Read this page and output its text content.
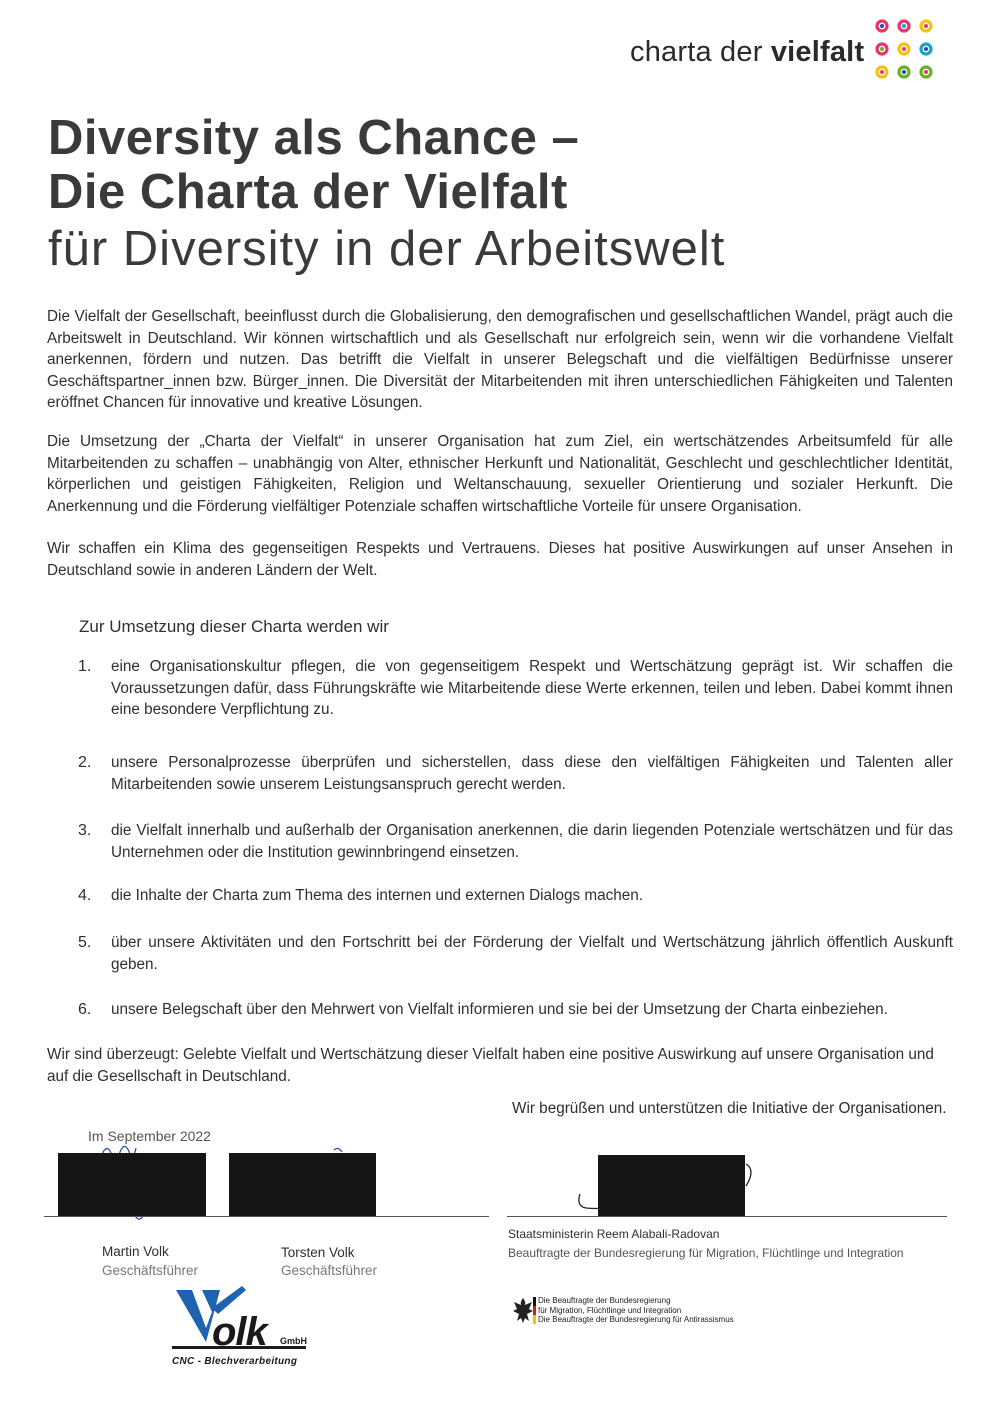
charta der vielfalt
Diversity als Chance –
Die Charta der Vielfalt
für Diversity in der Arbeitswelt
Die Vielfalt der Gesellschaft, beeinflusst durch die Globalisierung, den demografischen und gesellschaftlichen Wandel, prägt auch die Arbeitswelt in Deutschland. Wir können wirtschaftlich und als Gesellschaft nur erfolgreich sein, wenn wir die vorhandene Vielfalt anerkennen, fördern und nutzen. Das betrifft die Vielfalt in unserer Belegschaft und die vielfältigen Bedürfnisse unserer Geschäftspartner_innen bzw. Bürger_innen. Die Diversität der Mitarbeitenden mit ihren unterschiedlichen Fähigkeiten und Talenten eröffnet Chancen für innovative und kreative Lösungen.
Die Umsetzung der „Charta der Vielfalt“ in unserer Organisation hat zum Ziel, ein wertschätzendes Arbeitsumfeld für alle Mitarbeitenden zu schaffen – unabhängig von Alter, ethnischer Herkunft und Nationalität, Geschlecht und geschlechtlicher Identität, körperlichen und geistigen Fähigkeiten, Religion und Weltanschauung, sexueller Orientierung und sozialer Herkunft. Die Anerkennung und die Förderung vielfältiger Potenziale schaffen wirtschaftliche Vorteile für unsere Organisation.
Wir schaffen ein Klima des gegenseitigen Respekts und Vertrauens. Dieses hat positive Auswirkungen auf unser Ansehen in Deutschland sowie in anderen Ländern der Welt.
Zur Umsetzung dieser Charta werden wir
1. eine Organisationskultur pflegen, die von gegenseitigem Respekt und Wertschätzung geprägt ist. Wir schaffen die Voraussetzungen dafür, dass Führungskräfte wie Mitarbeitende diese Werte erkennen, teilen und leben. Dabei kommt ihnen eine besondere Verpflichtung zu.
2. unsere Personalprozesse überprüfen und sicherstellen, dass diese den vielfältigen Fähigkeiten und Talenten aller Mitarbeitenden sowie unserem Leistungsanspruch gerecht werden.
3. die Vielfalt innerhalb und außerhalb der Organisation anerkennen, die darin liegenden Potenziale wertschätzen und für das Unternehmen oder die Institution gewinnbringend einsetzen.
4. die Inhalte der Charta zum Thema des internen und externen Dialogs machen.
5. über unsere Aktivitäten und den Fortschritt bei der Förderung der Vielfalt und Wertschätzung jährlich öffentlich Auskunft geben.
6. unsere Belegschaft über den Mehrwert von Vielfalt informieren und sie bei der Umsetzung der Charta einbeziehen.
Wir sind überzeugt: Gelebte Vielfalt und Wertschätzung dieser Vielfalt haben eine positive Auswirkung auf unsere Organisation und auf die Gesellschaft in Deutschland.
Wir begrüßen und unterstützen die Initiative der Organisationen.
Im September 2022
Martin Volk
Geschäftsführer
Torsten Volk
Geschäftsführer
Staatsministerin Reem Alabali-Radovan
Beauftragte der Bundesregierung für Migration, Flüchtlinge und Integration
olk GmbH
CNC - Blechverarbeitung
Die Beauftragte der Bundesregierung
für Migration, Flüchtlinge und Integration
Die Beauftragte der Bundesregierung für Antirassismus
